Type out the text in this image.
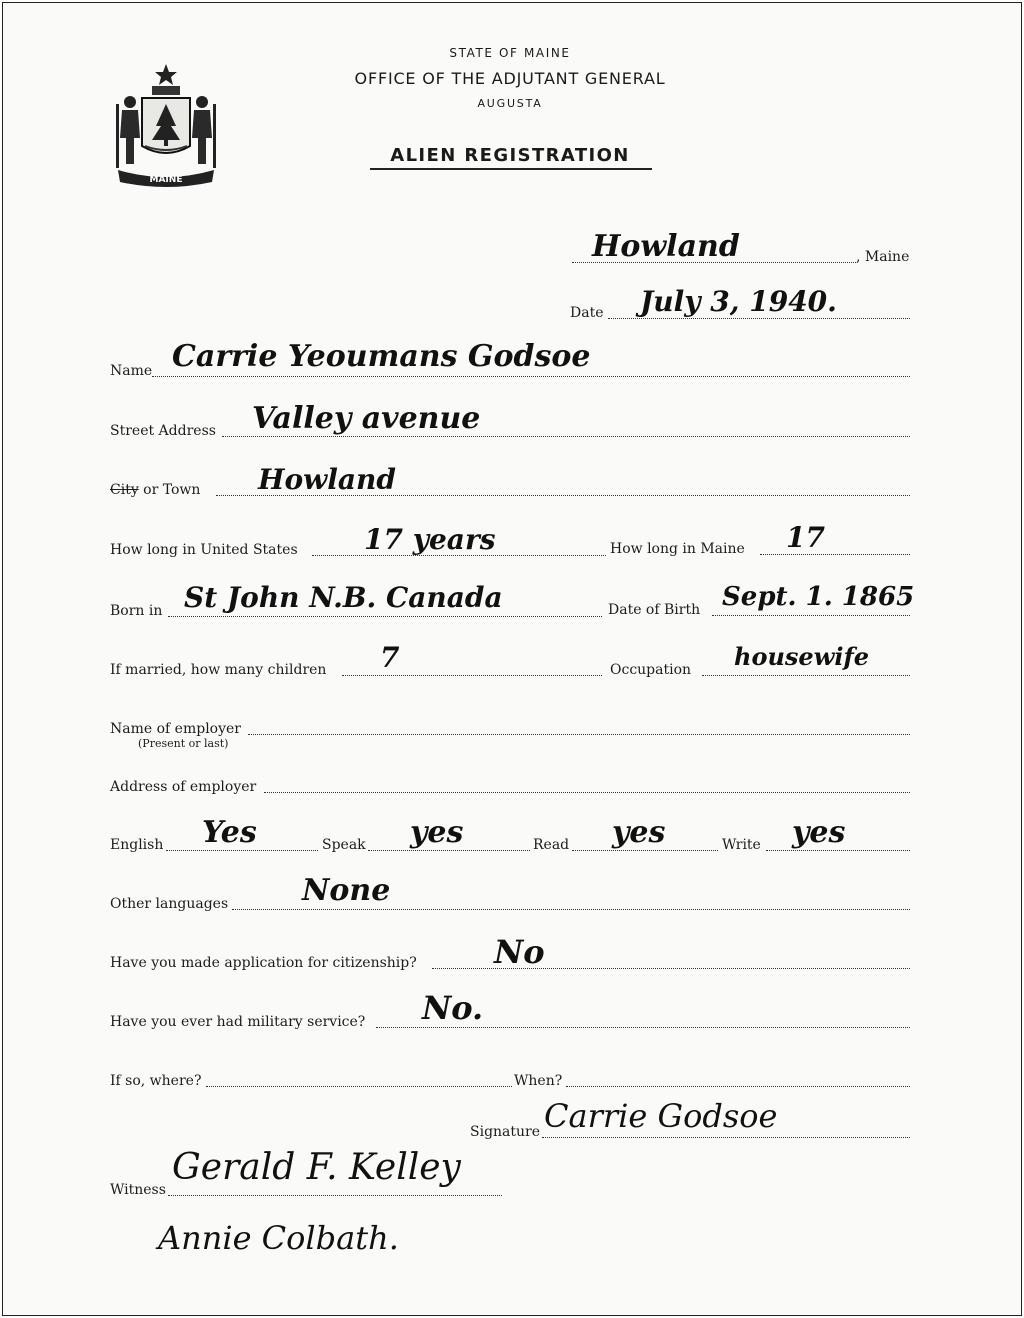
MAINE
STATE OF MAINE
OFFICE OF THE ADJUTANT GENERAL
AUGUSTA
ALIEN REGISTRATION
Howland	, Maine
Date July 3, 1940.
Name Carrie Yeoumans Godsoe
Street Address Valley avenue
City or Town Howland
How long in United States 17 years	How long in Maine 17
Born in St John N.B. Canada	Date of Birth Sept. 1. 1865
If married, how many children 7	Occupation housewife
Name of employer
(Present or last)
Address of employer
English Yes	Speak yes	Read yes	Write yes
Other languages None
Have you made application for citizenship? No
Have you ever had military service? No.
If so, where?	When?
Signature Carrie Godsoe
Witness
Gerald F. Kelley
Annie Colbath.
